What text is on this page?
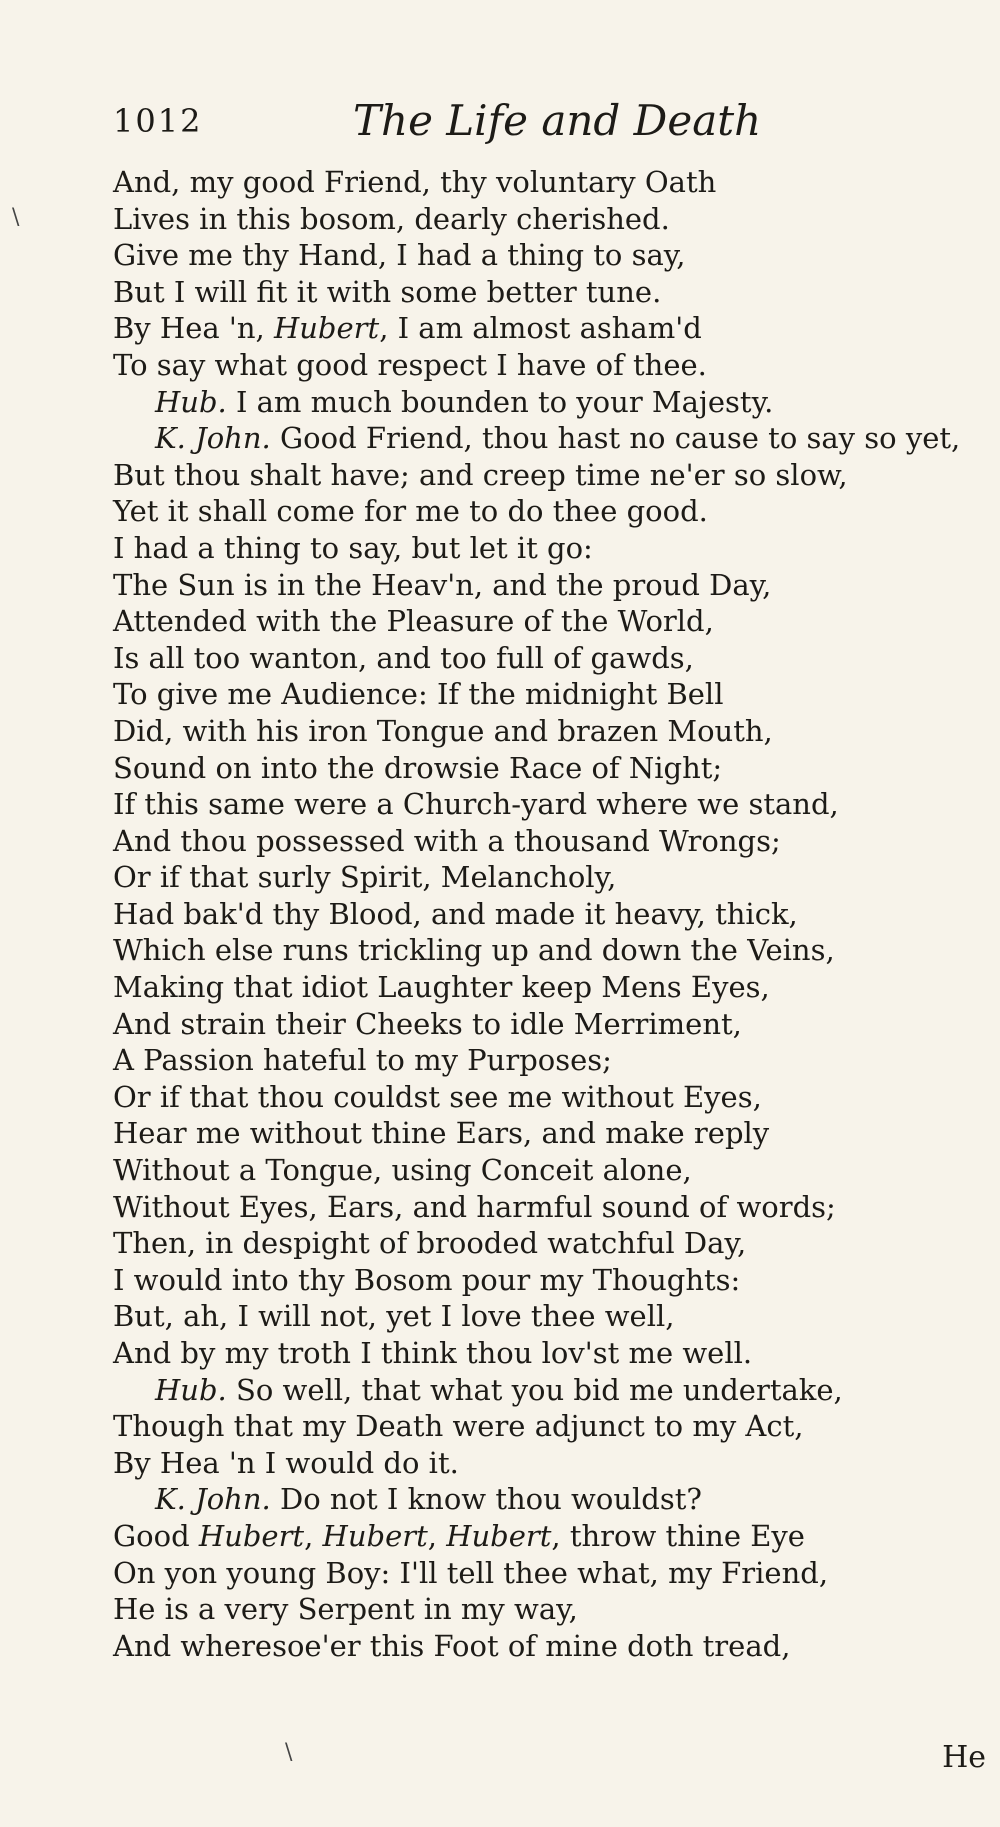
1012	The Life and Death
And, my good Friend, thy voluntary Oath
Lives in this bosom, dearly cherished.
Give me thy Hand, I had a thing to say,
But I will fit it with some better tune.
By Hea 'n, Hubert, I am almost asham'd
To say what good respect I have of thee.
Hub. I am much bounden to your Majesty.
K. John. Good Friend, thou hast no cause to say so yet,
But thou shalt have; and creep time ne'er so slow,
Yet it shall come for me to do thee good.
I had a thing to say, but let it go:
The Sun is in the Heav'n, and the proud Day,
Attended with the Pleasure of the World,
Is all too wanton, and too full of gawds,
To give me Audience: If the midnight Bell
Did, with his iron Tongue and brazen Mouth,
Sound on into the drowsie Race of Night;
If this same were a Church-yard where we stand,
And thou possessed with a thousand Wrongs;
Or if that surly Spirit, Melancholy,
Had bak'd thy Blood, and made it heavy, thick,
Which else runs trickling up and down the Veins,
Making that idiot Laughter keep Mens Eyes,
And strain their Cheeks to idle Merriment,
A Passion hateful to my Purposes;
Or if that thou couldst see me without Eyes,
Hear me without thine Ears, and make reply
Without a Tongue, using Conceit alone,
Without Eyes, Ears, and harmful sound of words;
Then, in despight of brooded watchful Day,
I would into thy Bosom pour my Thoughts:
But, ah, I will not, yet I love thee well,
And by my troth I think thou lov'st me well.
Hub. So well, that what you bid me undertake,
Though that my Death were adjunct to my Act,
By Hea 'n I would do it.
K. John. Do not I know thou wouldst?
Good Hubert, Hubert, Hubert, throw thine Eye
On yon young Boy: I'll tell thee what, my Friend,
He is a very Serpent in my way,
And wheresoe'er this Foot of mine doth tread,
He
\
\
